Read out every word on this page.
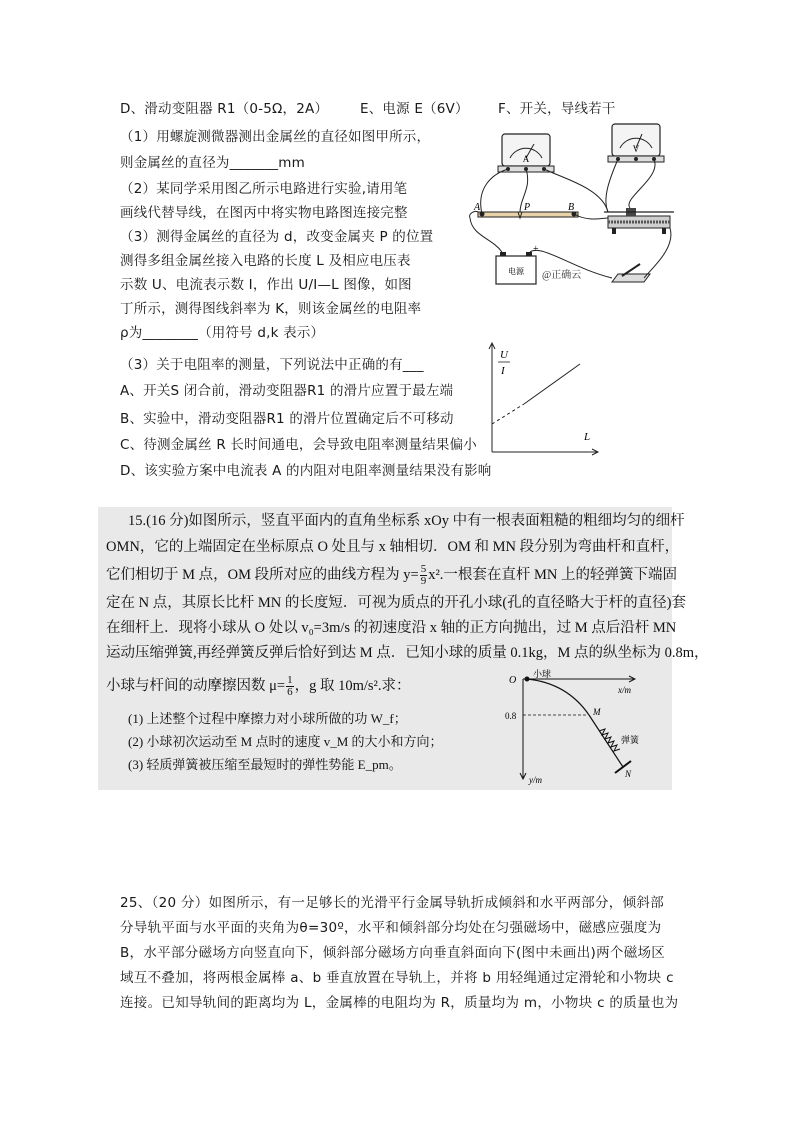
D、滑动变阻器 R1（0-5Ω，2A） E、电源 E（6V） F、开关，导线若干
（1）用螺旋测微器测出金属丝的直径如图甲所示，
则金属丝的直径为_______mm
（2）某同学采用图乙所示电路进行实验,请用笔
画线代替导线，在图丙中将实物电路图连接完整
（3）测得金属丝的直径为 d，改变金属夹 P 的位置
测得多组金属丝接入电路的长度 L 及相应电压表
示数 U、电流表示数 I，作出 U/I—L 图像，如图
丁所示，测得图线斜率为 K，则该金属丝的电阻率
ρ为________（用符号 d,k 表示）
（3）关于电阻率的测量，下列说法中正确的有___
A、开关S 闭合前，滑动变阻器R1 的滑片应置于最左端
B、实验中，滑动变阻器R1 的滑片位置确定后不可移动
C、待测金属丝 R 长时间通电，会导致电阻率测量结果偏小
D、该实验方案中电流表 A 的内阻对电阻率测量结果没有影响
A
V
A	P	B
电源
+
@正确云
U
I
L
15.(16 分)如图所示，竖直平面内的直角坐标系 xOy 中有一根表面粗糙的粗细均匀的细杆
OMN，它的上端固定在坐标原点 O 处且与 x 轴相切．OM 和 MN 段分别为弯曲杆和直杆，
它们相切于 M 点，OM 段所对应的曲线方程为 $y= \frac{5}{9} x^2$.一根套在直杆 MN 上的轻弹簧下端固
定在 N 点，其原长比杆 MN 的长度短．可视为质点的开孔小球(孔的直径略大于杆的直径)套
在细杆上．现将小球从 O 处以 v₀=3m/s 的初速度沿 x 轴的正方向抛出，过 M 点后沿杆 MN
运动压缩弹簧,再经弹簧反弹后恰好到达 M 点．已知小球的质量 0.1kg，M 点的纵坐标为 0.8m，
小球与杆间的动摩擦因数 $\mu= \frac{1}{6}$ ，g 取 10m/s².求：
(1) 上述整个过程中摩擦力对小球所做的功 W_f；
(2) 小球初次运动至 M 点时的速度 v_M 的大小和方向；
(3) 轻质弹簧被压缩至最短时的弹性势能 E_pm。
O
小球
x/m
0.8	M
弹簧
N
y/m
25、（20 分）如图所示，有一足够长的光滑平行金属导轨折成倾斜和水平两部分，倾斜部
分导轨平面与水平面的夹角为θ=30º，水平和倾斜部分均处在匀强磁场中，磁感应强度为
B，水平部分磁场方向竖直向下，倾斜部分磁场方向垂直斜面向下(图中未画出)两个磁场区
域互不叠加，将两根金属棒 a、b 垂直放置在导轨上，并将 b 用轻绳通过定滑轮和小物块 c
连接。已知导轨间的距离均为 L，金属棒的电阻均为 R，质量均为 m，小物块 c 的质量也为
